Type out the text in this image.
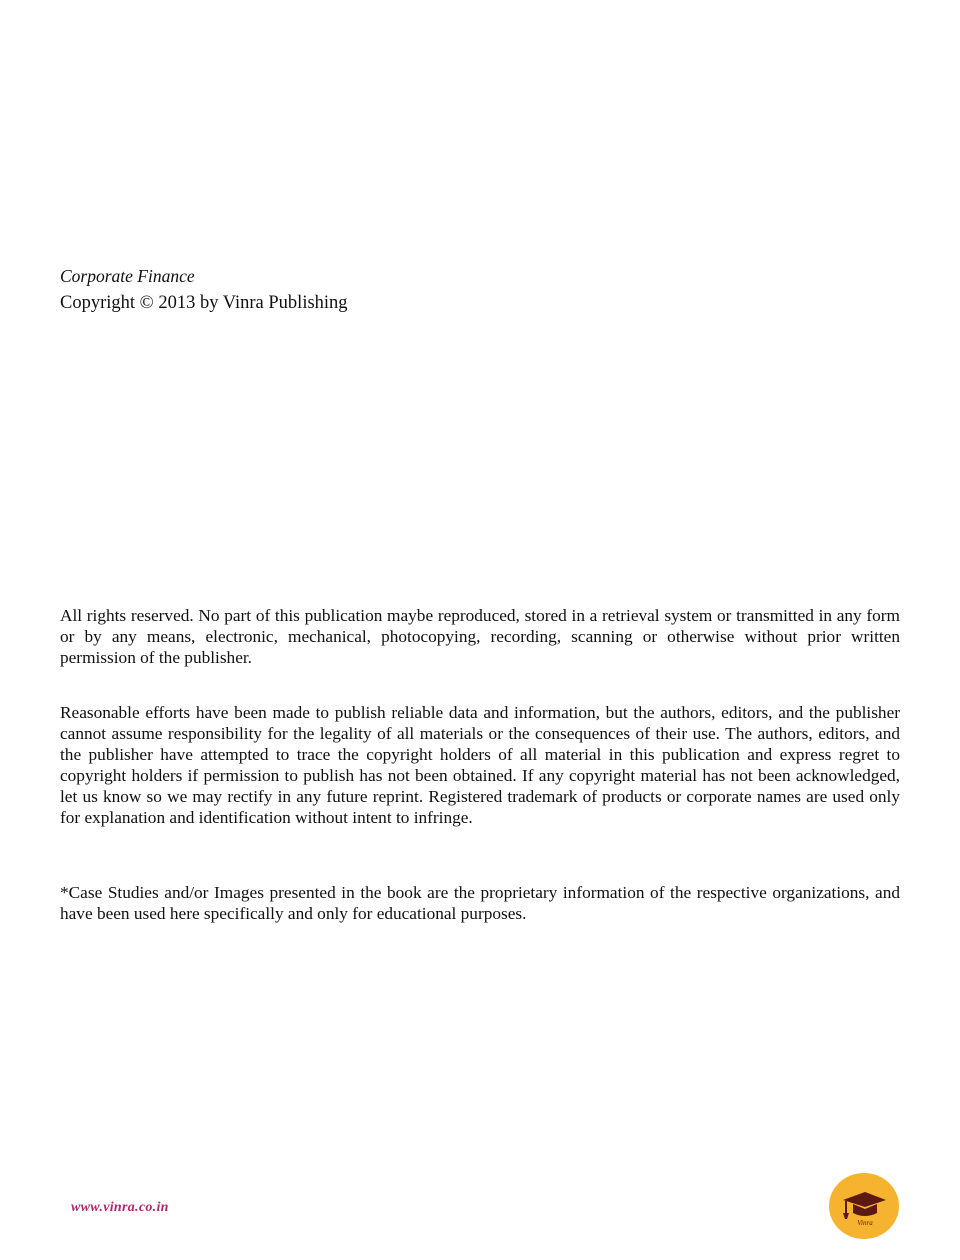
Corporate Finance
Copyright © 2013 by Vinra Publishing

All rights reserved. No part of this publication maybe reproduced, stored in a retrieval system or transmitted in any form or by any means, electronic, mechanical, photocopying, recording, scanning or otherwise without prior written permission of the publisher.

Reasonable efforts have been made to publish reliable data and information, but the authors, editors, and the publisher cannot assume responsibility for the legality of all materials or the consequences of their use. The authors, editors, and the publisher have attempted to trace the copyright holders of all material in this publication and express regret to copyright holders if permission to publish has not been obtained. If any copyright material has not been acknowledged, let us know so we may rectify in any future reprint. Registered trademark of products or corporate names are used only for explanation and identification without intent to infringe.

*Case Studies and/or Images presented in the book are the proprietary information of the respective organizations, and have been used here specifically and only for educational purposes.

www.vinra.co.in
Vinra
